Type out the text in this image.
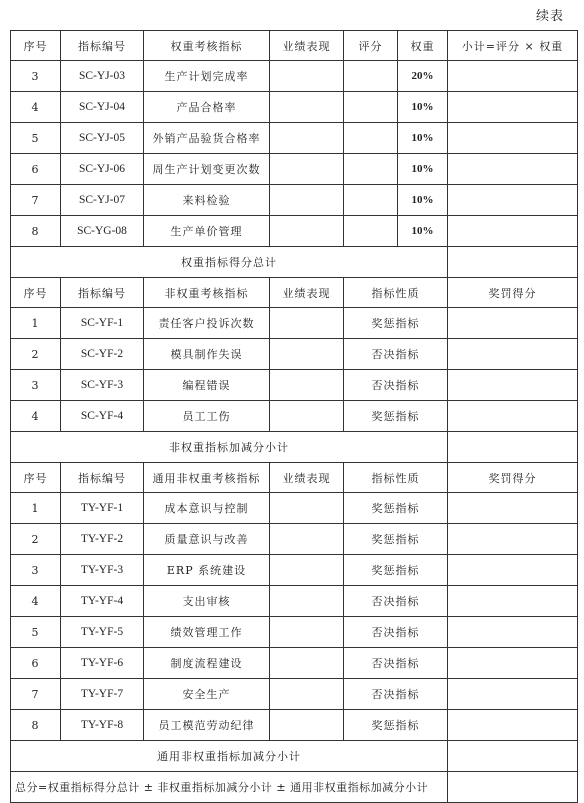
续表
序号	指标编号	权重考核指标	业绩表现	评分	权重	小计=评分 × 权重
3	SC-YJ-03	生产计划完成率			20%	
4	SC-YJ-04	产品合格率			10%	
5	SC-YJ-05	外销产品验货合格率			10%	
6	SC-YJ-06	周生产计划变更次数			10%	
7	SC-YJ-07	来料检验			10%	
8	SC-YG-08	生产单价管理			10%	
权重指标得分总计						
序号	指标编号	非权重考核指标	业绩表现	指标性质		奖罚得分
1	SC-YF-1	责任客户投诉次数		奖惩指标		
2	SC-YF-2	模具制作失误		否决指标		
3	SC-YF-3	编程错误		否决指标		
4	SC-YF-4	员工工伤		奖惩指标		
非权重指标加减分小计						
序号	指标编号	通用非权重考核指标	业绩表现	指标性质		奖罚得分
1	TY-YF-1	成本意识与控制		奖惩指标		
2	TY-YF-2	质量意识与改善		奖惩指标		
3	TY-YF-3	ERP 系统建设		奖惩指标		
4	TY-YF-4	支出审核		否决指标		
5	TY-YF-5	绩效管理工作		否决指标		
6	TY-YF-6	制度流程建设		否决指标		
7	TY-YF-7	安全生产		否决指标		
8	TY-YF-8	员工模范劳动纪律		奖惩指标		
通用非权重指标加减分小计						
总分=权重指标得分总计 ± 非权重指标加减分小计 ± 通用非权重指标加减分小计						
